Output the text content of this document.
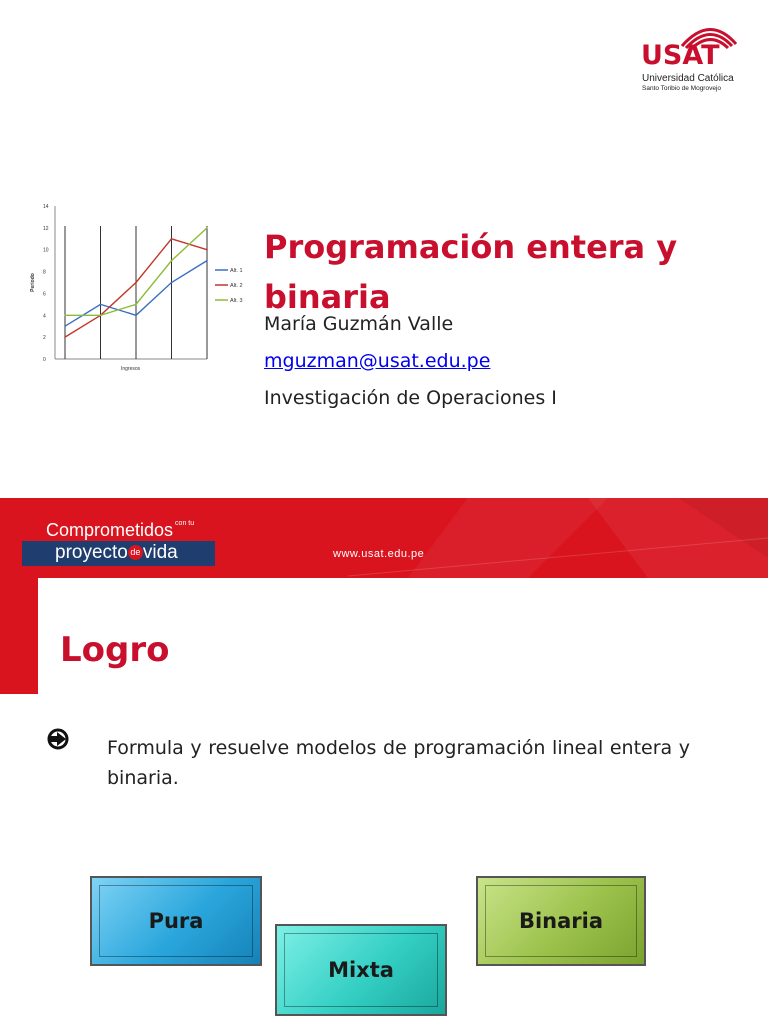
USAT
Universidad Católica
Santo Toribio de Mogrovejo
0
2
4
6
8
10
12
14
Alt. 1
Alt. 2
Alt. 3
Ingresos
Periodo
Programación entera y binaria
María Guzmán Valle
mguzman@usat.edu.pe
Investigación de Operaciones I
Comprometidos con tu
proyecto de vida	www.usat.edu.pe
Logro
Formula y resuelve modelos de programación lineal entera y binaria.
Pura
Mixta
Binaria
